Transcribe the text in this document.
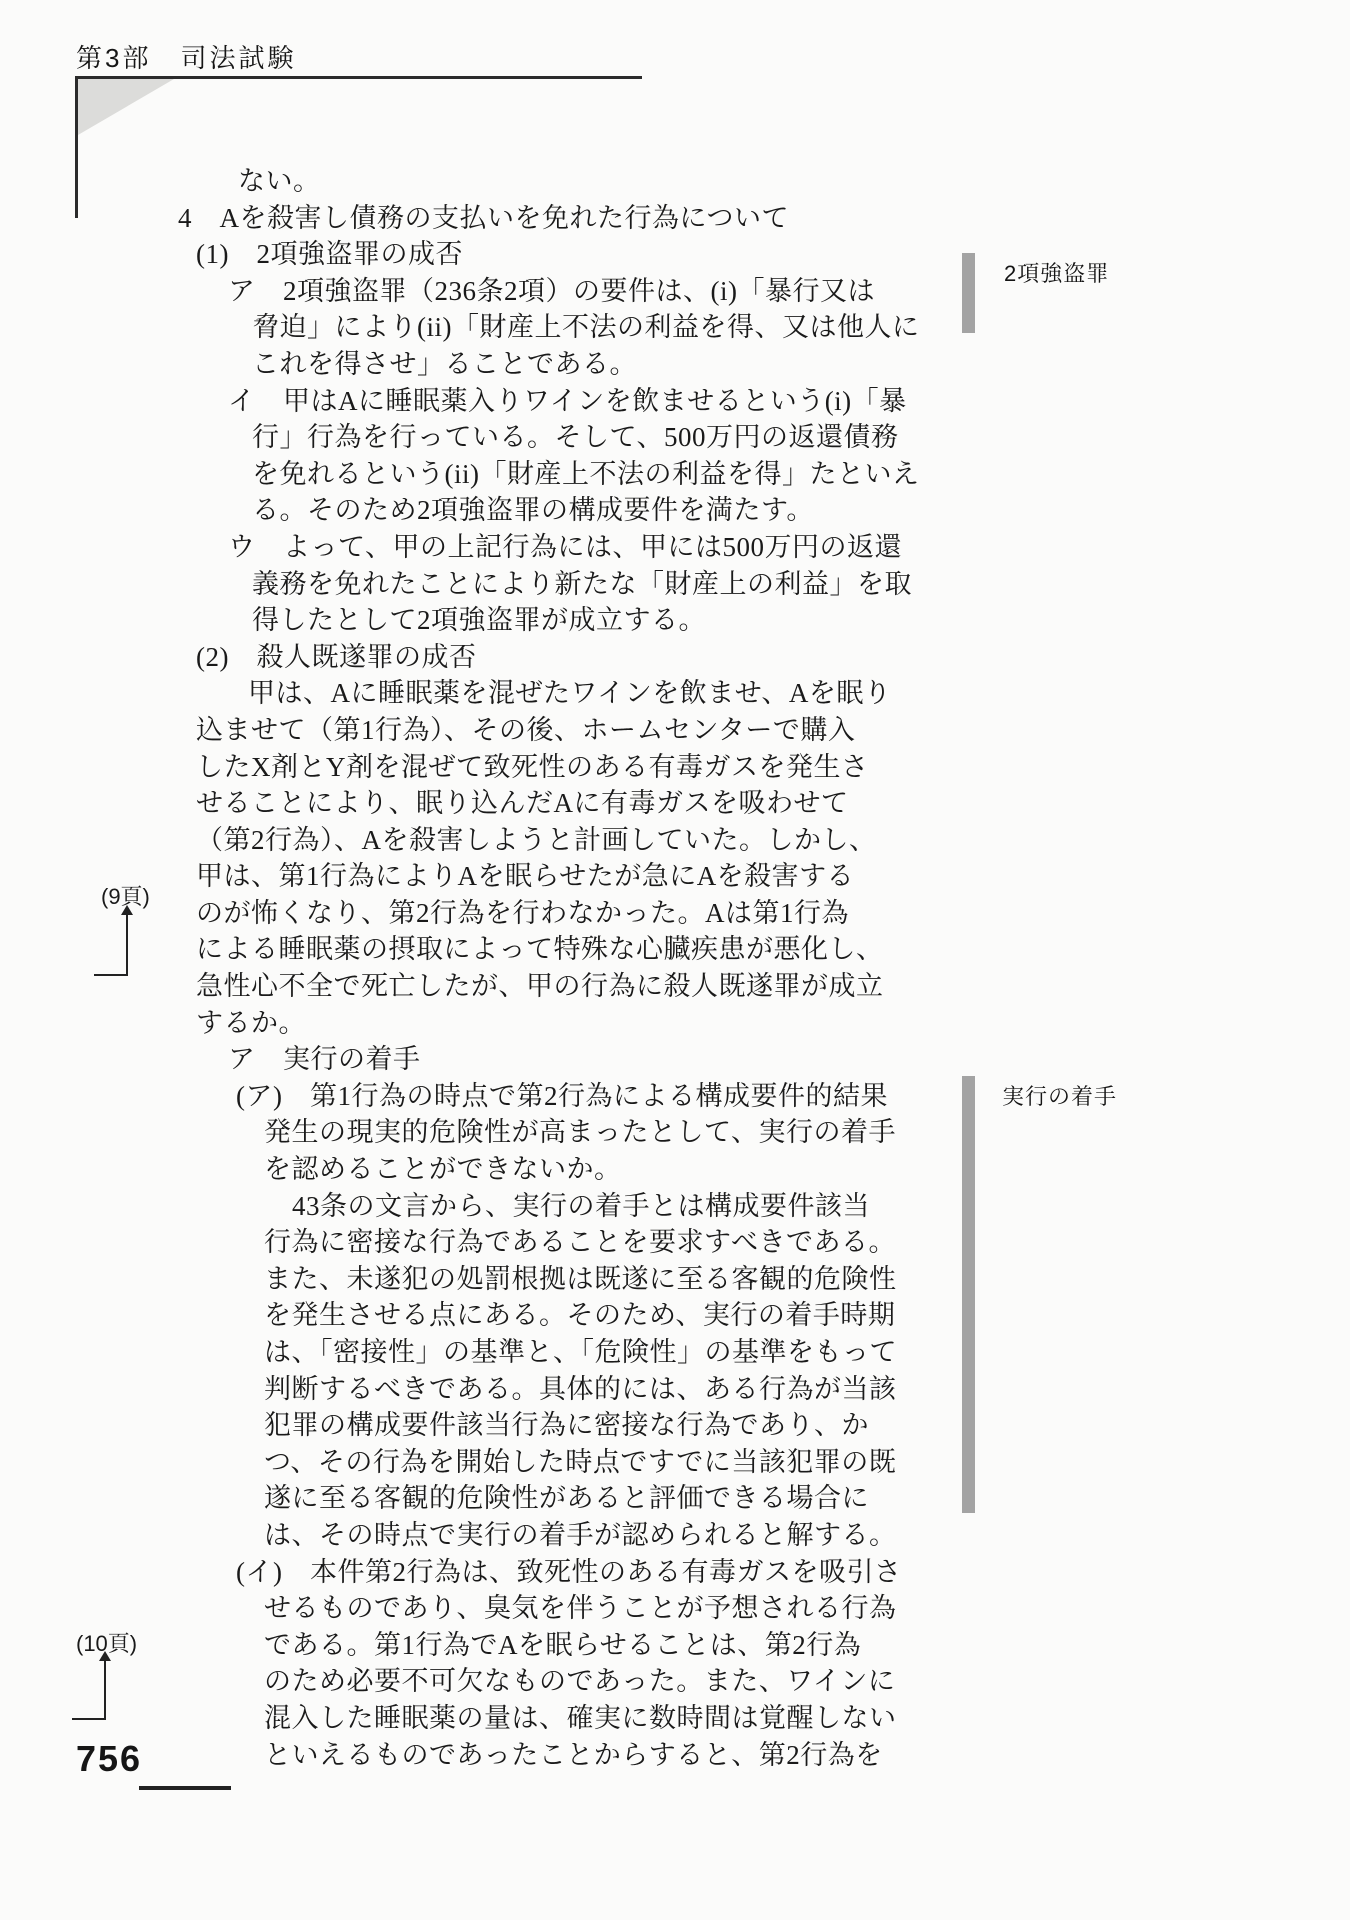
第3部　司法試験
ない。
4　Aを殺害し債務の支払いを免れた行為について
(1)　2項強盗罪の成否
ア　2項強盗罪（236条2項）の要件は、(i)「暴行又は
脅迫」により(ii)「財産上不法の利益を得、又は他人に
これを得させ」ることである。
イ　甲はAに睡眠薬入りワインを飲ませるという(i)「暴
行」行為を行っている。そして、500万円の返還債務
を免れるという(ii)「財産上不法の利益を得」たといえ
る。そのため2項強盗罪の構成要件を満たす。
ウ　よって、甲の上記行為には、甲には500万円の返還
義務を免れたことにより新たな「財産上の利益」を取
得したとして2項強盗罪が成立する。
(2)　殺人既遂罪の成否
甲は、Aに睡眠薬を混ぜたワインを飲ませ、Aを眠り
込ませて（第1行為）、その後、ホームセンターで購入
したX剤とY剤を混ぜて致死性のある有毒ガスを発生さ
せることにより、眠り込んだAに有毒ガスを吸わせて
（第2行為）、Aを殺害しようと計画していた。しかし、
甲は、第1行為によりAを眠らせたが急にAを殺害する
のが怖くなり、第2行為を行わなかった。Aは第1行為
による睡眠薬の摂取によって特殊な心臓疾患が悪化し、
急性心不全で死亡したが、甲の行為に殺人既遂罪が成立
するか。
ア　実行の着手
(ア)　第1行為の時点で第2行為による構成要件的結果
発生の現実的危険性が高まったとして、実行の着手
を認めることができないか。
43条の文言から、実行の着手とは構成要件該当
行為に密接な行為であることを要求すべきである。
また、未遂犯の処罰根拠は既遂に至る客観的危険性
を発生させる点にある。そのため、実行の着手時期
は、「密接性」の基準と、「危険性」の基準をもって
判断するべきである。具体的には、ある行為が当該
犯罪の構成要件該当行為に密接な行為であり、か
つ、その行為を開始した時点ですでに当該犯罪の既
遂に至る客観的危険性があると評価できる場合に
は、その時点で実行の着手が認められると解する。
(イ)　本件第2行為は、致死性のある有毒ガスを吸引さ
せるものであり、臭気を伴うことが予想される行為
である。第1行為でAを眠らせることは、第2行為
のため必要不可欠なものであった。また、ワインに
混入した睡眠薬の量は、確実に数時間は覚醒しない
といえるものであったことからすると、第2行為を
2項強盗罪
実行の着手
(9頁)
(10頁)
756
